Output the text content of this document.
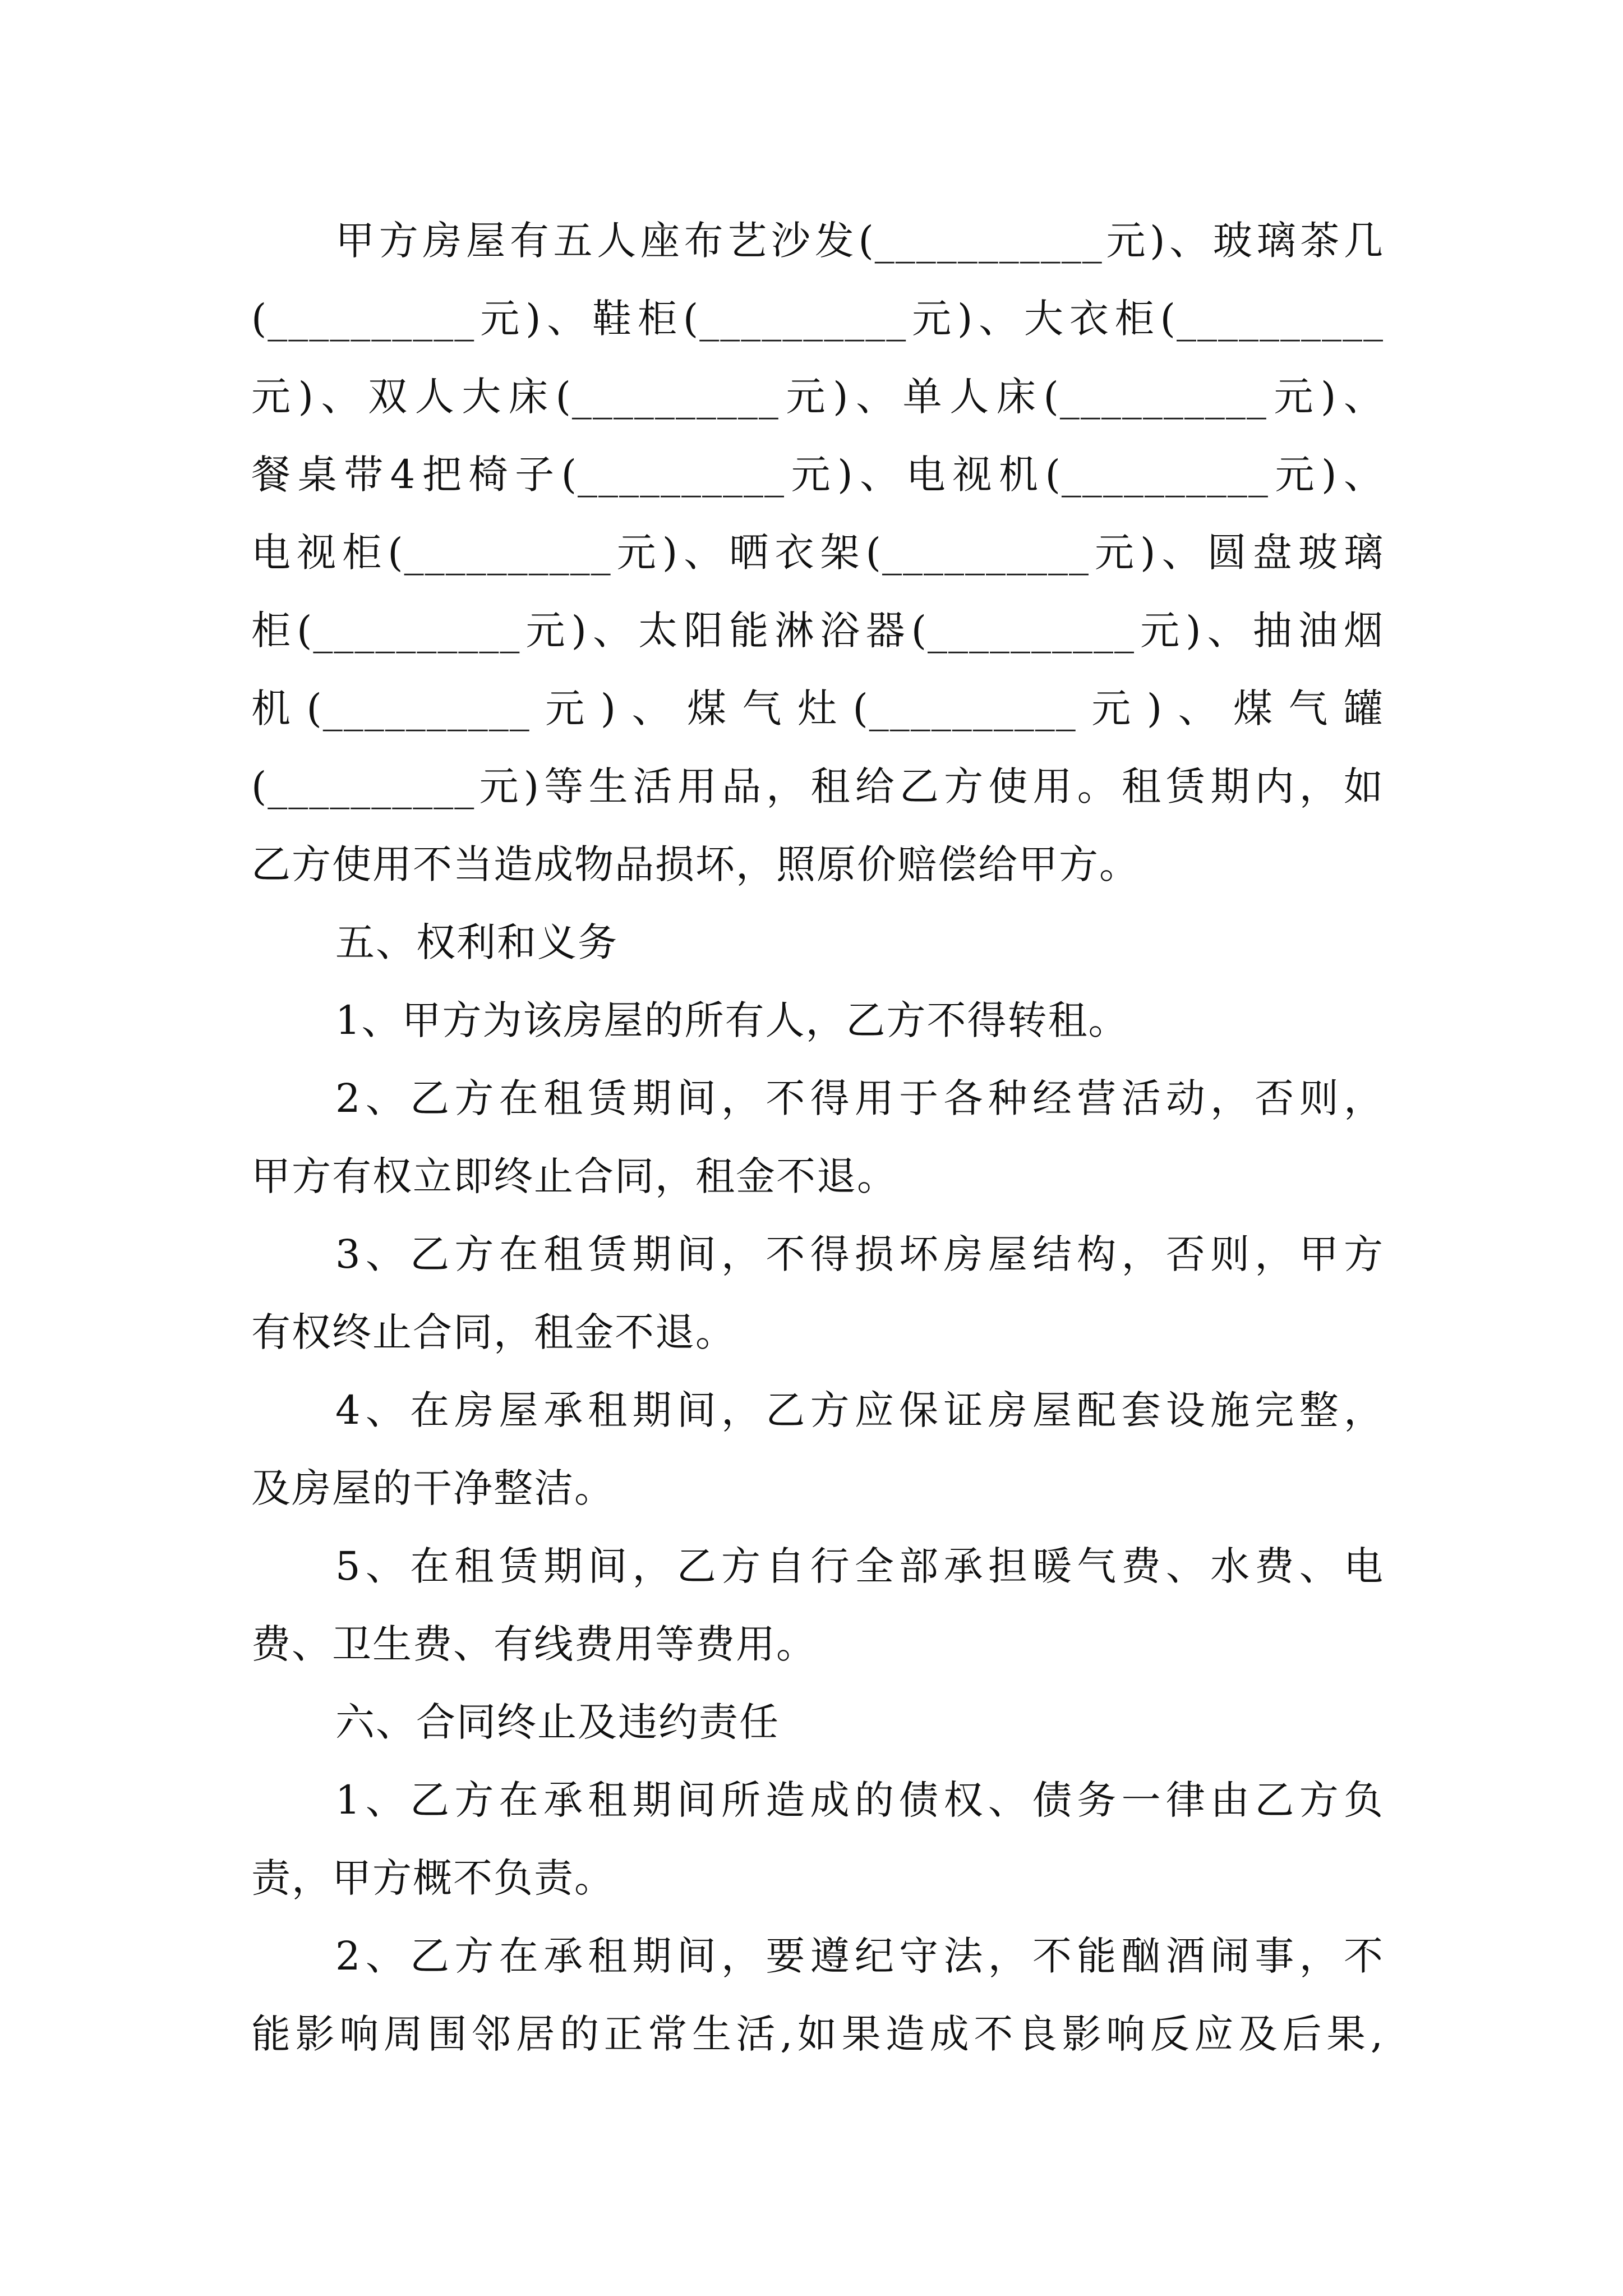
甲方房屋有五人座布艺沙发(___________元)、玻璃茶几
(__________元)、鞋柜(__________元)、大衣柜(__________
元)、双人大床(__________元)、单人床(__________元)、
餐桌带4把椅子(__________元)、电视机(__________元)、
电视柜(__________元)、晒衣架(__________元)、圆盘玻璃
柜(__________元)、太阳能淋浴器(__________元)、抽油烟
机(__________元)、煤气灶(__________元)、煤气罐
(__________元)等生活用品，租给乙方使用。租赁期内，如
乙方使用不当造成物品损坏，照原价赔偿给甲方。
五、权利和义务
1、甲方为该房屋的所有人，乙方不得转租。
2、乙方在租赁期间，不得用于各种经营活动，否则，
甲方有权立即终止合同，租金不退。
3、乙方在租赁期间，不得损坏房屋结构，否则，甲方
有权终止合同，租金不退。
4、在房屋承租期间，乙方应保证房屋配套设施完整，
及房屋的干净整洁。
5、在租赁期间，乙方自行全部承担暖气费、水费、电
费、卫生费、有线费用等费用。
六、合同终止及违约责任
1、乙方在承租期间所造成的债权、债务一律由乙方负
责，甲方概不负责。
2、乙方在承租期间，要遵纪守法，不能酗酒闹事，不
能影响周围邻居的正常生活,如果造成不良影响反应及后果,
